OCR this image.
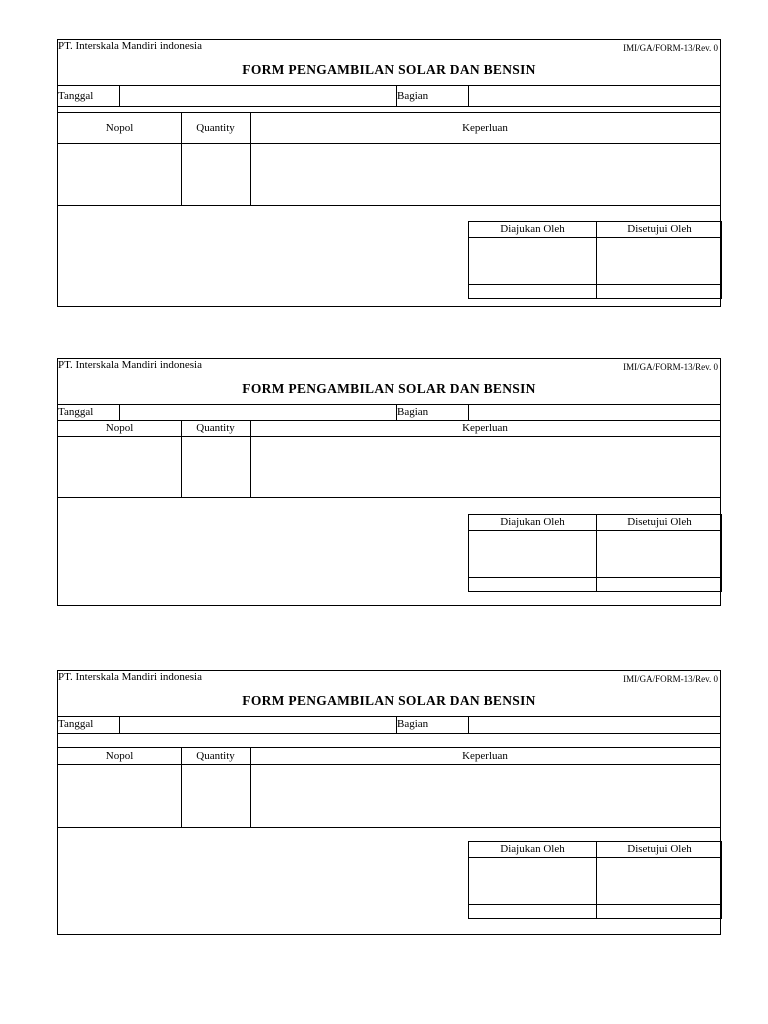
PT. Interskala Mandiri indonesia	IMI/GA/FORM-13/Rev. 0
FORM PENGAMBILAN SOLAR DAN BENSIN
Tanggal	Bagian
Nopol	Quantity	Keperluan
Diajukan Oleh	Disetujui Oleh
PT. Interskala Mandiri indonesia	IMI/GA/FORM-13/Rev. 0
FORM PENGAMBILAN SOLAR DAN BENSIN
Tanggal	Bagian
Nopol	Quantity	Keperluan
Diajukan Oleh	Disetujui Oleh
PT. Interskala Mandiri indonesia	IMI/GA/FORM-13/Rev. 0
FORM PENGAMBILAN SOLAR DAN BENSIN
Tanggal	Bagian
Nopol	Quantity	Keperluan
Diajukan Oleh	Disetujui Oleh
